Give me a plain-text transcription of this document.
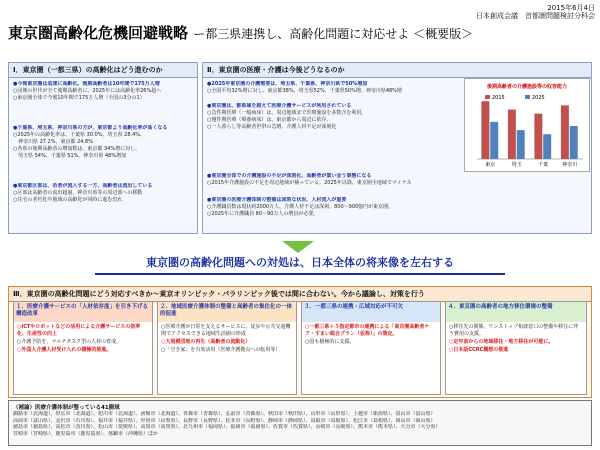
2015年6月4日
日本創成会議　首都圏問題検討分科会
東京圏高齢化危機回避戦略 ー都三県連携し、高齢化問題に対応せよ ＜概要版＞
Ⅰ．東京圏（一都三県）の高齢化はどう進むのか
●今後東京圏は急速に高齢化。後期高齢者は10年間で175万人増
○団塊の世代が全て後期高齢者に。2025年には高齢化率26%超へ
○東京圏全体で今後10年間で175万人増（全国の3分の1）
●千葉県、埼玉県、神奈川県の方が、東京都より高齢化率が高くなる
○2025年の高齢化率は、千葉県 30.0%、埼玉県 28.4%、
　神奈川県 27.2%、東京都 24.8%
○各県の後期高齢者の増加数は、東京都 34%増に対し、
　埼玉県 54%、千葉県 51%、神奈川県 48%増加
●東京都区部は、若者が流入する一方、高齢者は流出している
○区部は高齢者の流出超過、神奈川県等の周辺部への移動
○住宅の老朽化や地域の高齢化が同時に進む恐れ
Ⅱ．東京圏の医療・介護は今後どうなるのか
●2025年東京圏の介護需要は、埼玉県、千葉県、神奈川県で50%増加
○全国平均32%増に対し、東京都38%、埼玉県52%、千葉県50%増、神奈川県48%増
●東京圏は、都県域を越えて医療介護サービスが利用されている
○急性期医療（一般病床）は、周辺地域まで医療施設を多数含む利用。
○慢性期医療（療養病床）は、東京都から周辺に依存。
○一人暮らし等高齢者世帯の急増、介護人材不足が深刻化
●東京圏全体での介護施設の不足が深刻化、高齢者が集い会う事態になる
○2015年介護施設の不足を周辺地域が補っている。2025年以降、東京圏全地域でマイナス
●東京圏の医療介護体制の整備は深刻な状況、人材流入が重要
○介護職員数は現状約2000万人、介護人材不足は深刻、800～900億円が東京圏。
○2025年に介護職員 80～90万人の増員が必要。
後期高齢者の介護施設等の収容能力
東京	埼玉	千葉	神奈川
2015	2025
東京圏の高齢化問題への対処は、日本全体の将来像を左右する
Ⅲ．東京圏の高齢化問題にどう対応すべきか～東京オリンピック・パラリンピック後では間に合わない。今から議論し、対策を行う
１．医療介護サービスの「人材依存度」を引き下げる構造改革
○ICTやロボットなどの活用による介護サービスの効率化、生産性の向上
○介護予防を、マルチタスク型の人材の育成。
○外国人介護人材受け入れの積極的推進。
２．地域医療介護体制の整備と高齢者の集住化の一体的促進
○医療介護が日常を支えるサービスに、徒歩や公共交通機関でアクセスできる地域生活圏の形成
○大規模団地の再生（高齢者の流動化）
○「空き家」を有効活用（医療介護拠点への転用等）
３．一都三県の連携・広域対応が不可欠
○一都三県＋５指定都市の連携による「東京圏高齢者ケア・すまい総合プラン（仮称）」の策定。
○国も積極的に支援。
４．東京圏の高齢者の地方移住環境の整備
○移住先の関係、ワンストップ相談窓口の整備や移住に伴う費用の支援。
○定年前からの地域移住・地方移住が可能に。
○日本版CCRC構想の推進
（補論）医療介護体制が整っている41圏域
釧路市（北海道）、帯広市（北海道）、旭川市（北海道）、函館市（北海道）、青森市（青森県）、弘前市（青森県）、秋田市（秋田県）、山形市（山形県）、上越市（新潟県）、富山市（富山県）
高岡市（富山県）、金沢市（石川県）、福井市（福井県）、甲府市（山梨県）、長野市（長野県）、松本市（長野県）、静岡市（静岡県）、鳥取市（鳥取県）、松江市（島根県）、岡山市（岡山県）
徳島市（徳島県）、高松市（香川県）、松山市（愛媛県）、高知市（高知県）、北九州市（福岡県）、福岡市（福岡県）、佐賀市（佐賀県）、長崎市（長崎県）、熊本市（熊本県）、大分市（大分県）
宮崎市（宮崎県）、鹿児島市（鹿児島県）、那覇市（沖縄県）ほか
